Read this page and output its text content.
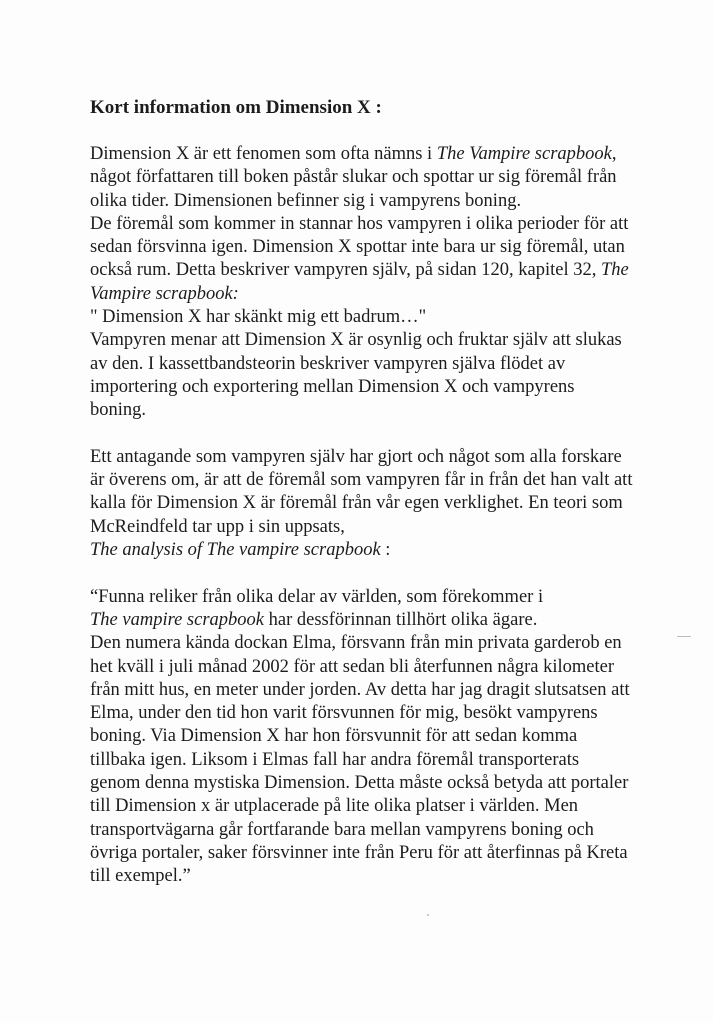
Kort information om Dimension X :
Dimension X är ett fenomen som ofta nämns i The Vampire scrapbook,
något författaren till boken påstår slukar och spottar ur sig föremål från
olika tider. Dimensionen befinner sig i vampyrens boning.
De föremål som kommer in stannar hos vampyren i olika perioder för att
sedan försvinna igen. Dimension X spottar inte bara ur sig föremål, utan
också rum. Detta beskriver vampyren själv, på sidan 120, kapitel 32, The
Vampire scrapbook:
" Dimension X har skänkt mig ett badrum…"
Vampyren menar att Dimension X är osynlig och fruktar själv att slukas
av den. I kassettbandsteorin beskriver vampyren själva flödet av
importering och exportering mellan Dimension X och vampyrens
boning.
Ett antagande som vampyren själv har gjort och något som alla forskare
är överens om, är att de föremål som vampyren får in från det han valt att
kalla för Dimension X är föremål från vår egen verklighet. En teori som
McReindfeld tar upp i sin uppsats,
The analysis of The vampire scrapbook :
“Funna reliker från olika delar av världen, som förekommer i
The vampire scrapbook har dessförinnan tillhört olika ägare.
Den numera kända dockan Elma, försvann från min privata garderob en
het kväll i juli månad 2002 för att sedan bli återfunnen några kilometer
från mitt hus, en meter under jorden. Av detta har jag dragit slutsatsen att
Elma, under den tid hon varit försvunnen för mig, besökt vampyrens
boning. Via Dimension X har hon försvunnit för att sedan komma
tillbaka igen. Liksom i Elmas fall har andra föremål transporterats
genom denna mystiska Dimension. Detta måste också betyda att portaler
till Dimension x är utplacerade på lite olika platser i världen. Men
transportvägarna går fortfarande bara mellan vampyrens boning och
övriga portaler, saker försvinner inte från Peru för att återfinnas på Kreta
till exempel.”
